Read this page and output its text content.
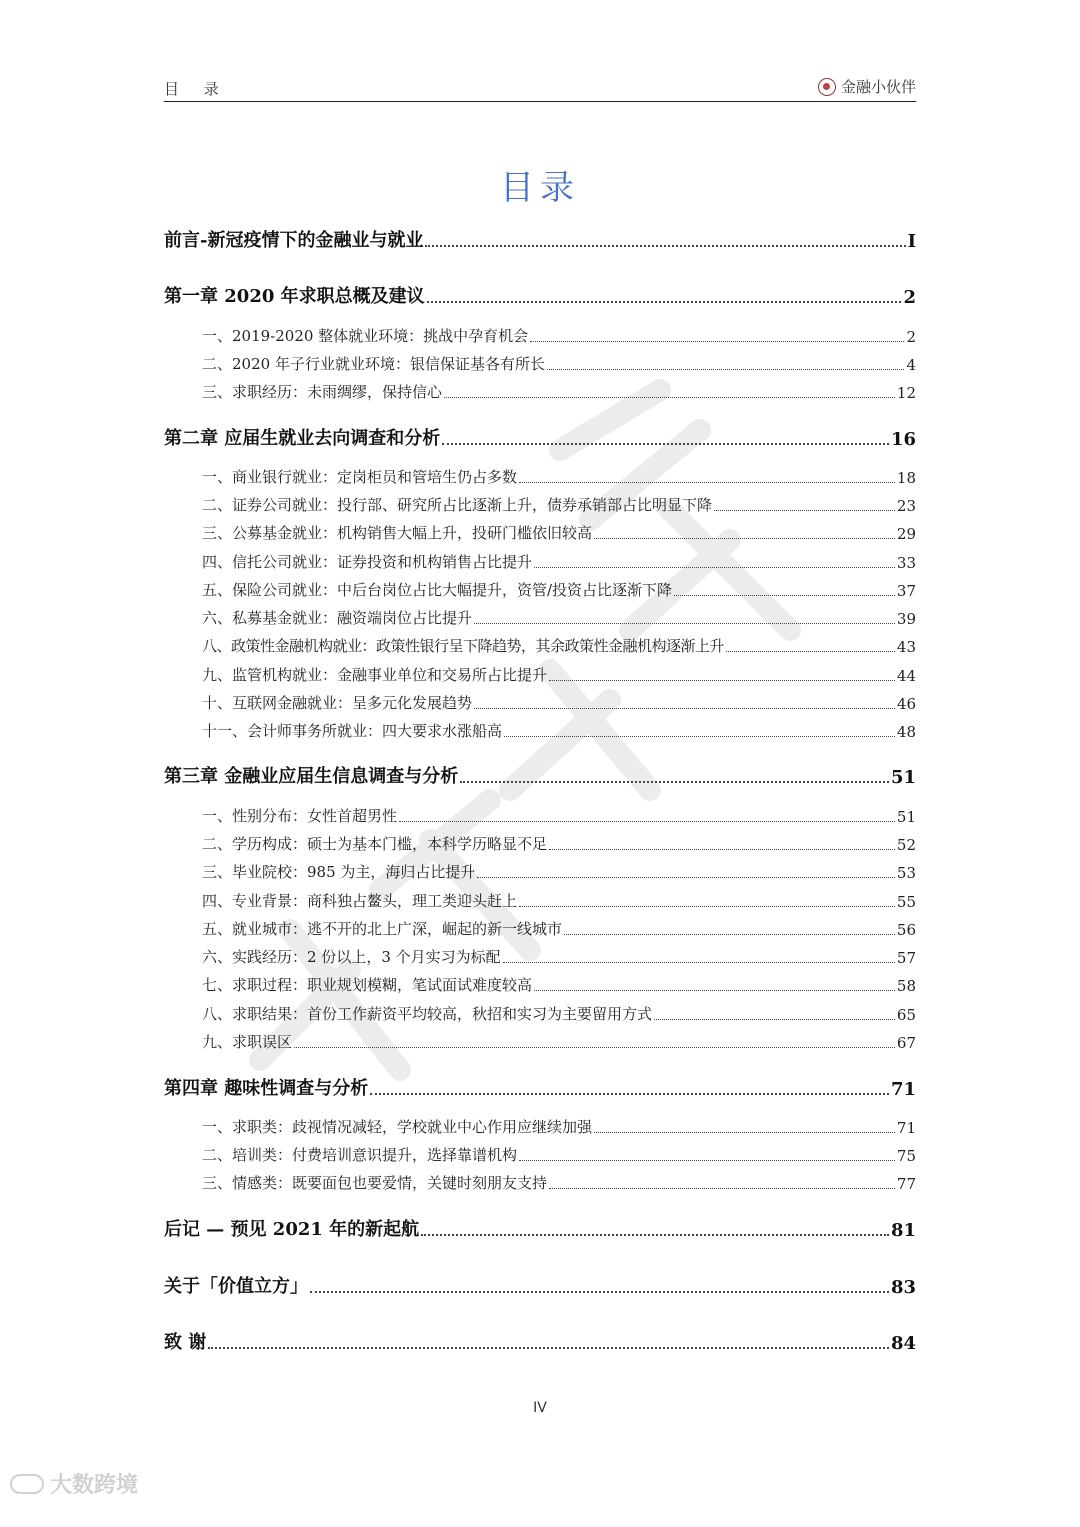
目 录	金融小伙伴
目录
前言-新冠疫情下的金融业与就业	I
第一章 2020 年求职总概及建议	2
一、2019-2020 整体就业环境：挑战中孕育机会	2
二、2020 年子行业就业环境：银信保证基各有所长	4
三、求职经历：未雨绸缪，保持信心	12
第二章 应届生就业去向调查和分析	16
一、商业银行就业：定岗柜员和管培生仍占多数	18
二、证券公司就业：投行部、研究所占比逐渐上升，债券承销部占比明显下降	23
三、公募基金就业：机构销售大幅上升，投研门槛依旧较高	29
四、信托公司就业：证券投资和机构销售占比提升	33
五、保险公司就业：中后台岗位占比大幅提升，资管/投资占比逐渐下降	37
六、私募基金就业：融资端岗位占比提升	39
八、政策性金融机构就业：政策性银行呈下降趋势，其余政策性金融机构逐渐上升	43
九、监管机构就业：金融事业单位和交易所占比提升	44
十、互联网金融就业：呈多元化发展趋势	46
十一、会计师事务所就业：四大要求水涨船高	48
第三章 金融业应届生信息调查与分析	51
一、性别分布：女性首超男性	51
二、学历构成：硕士为基本门槛，本科学历略显不足	52
三、毕业院校：985 为主，海归占比提升	53
四、专业背景：商科独占鳌头，理工类迎头赶上	55
五、就业城市：逃不开的北上广深，崛起的新一线城市	56
六、实践经历：2 份以上，3 个月实习为标配	57
七、求职过程：职业规划模糊，笔试面试难度较高	58
八、求职结果：首份工作薪资平均较高，秋招和实习为主要留用方式	65
九、求职误区	67
第四章 趣味性调查与分析	71
一、求职类：歧视情况减轻，学校就业中心作用应继续加强	71
二、培训类：付费培训意识提升，选择靠谱机构	75
三、情感类：既要面包也要爱情，关键时刻朋友支持	77
后记 — 预见 2021 年的新起航	81
关于「价值立方」	83
致 谢	84
IV
大数跨境
